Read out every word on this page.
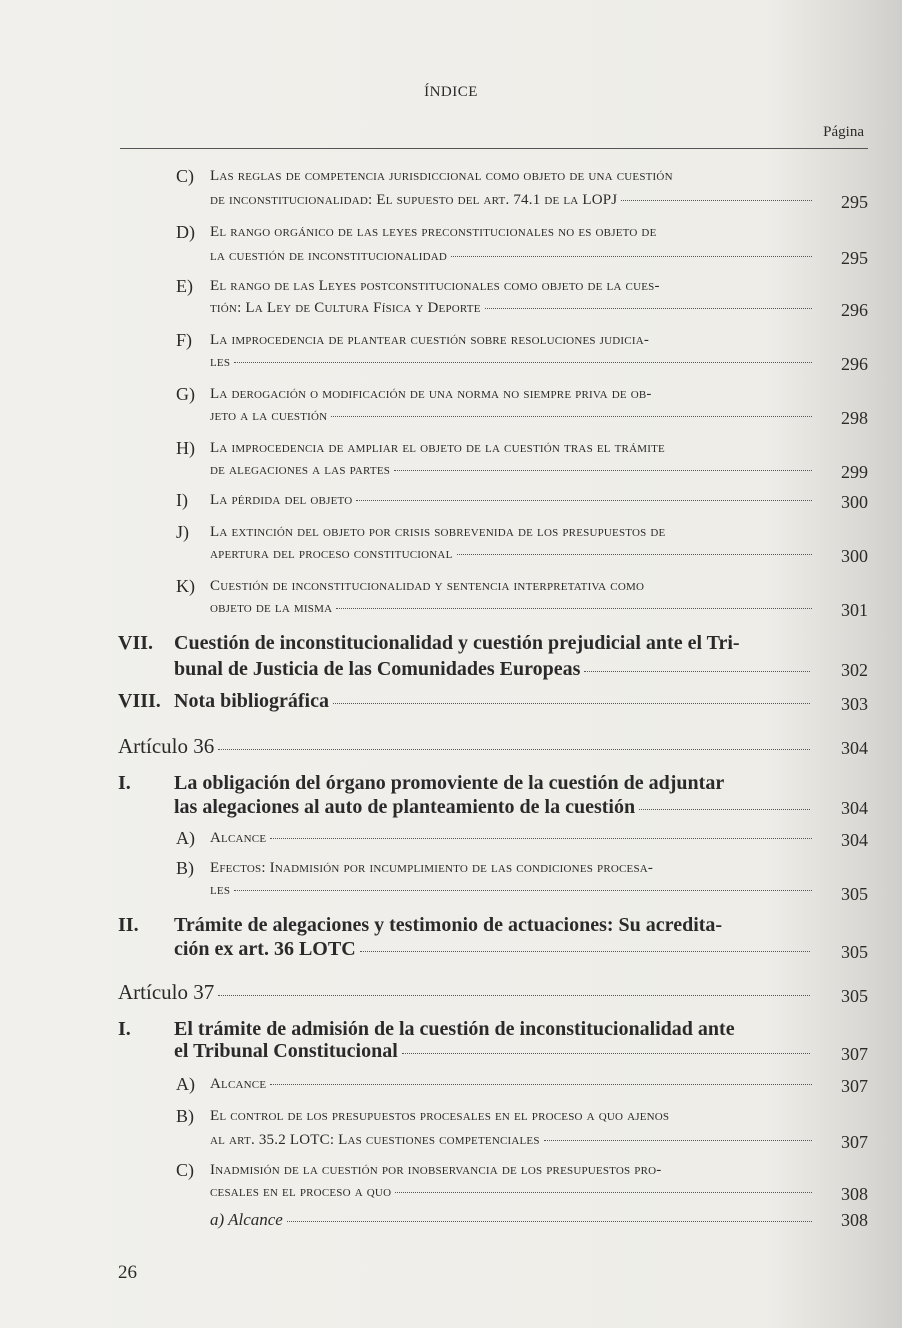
ÍNDICE
Página
C) Las reglas de competencia jurisdiccional como objeto de una cuestión
de inconstitucionalidad: El supuesto del art. 74.1 de la LOPJ	295
D) El rango orgánico de las leyes preconstitucionales no es objeto de
la cuestión de inconstitucionalidad	295
E) El rango de las Leyes postconstitucionales como objeto de la cues-
tión: La Ley de Cultura Física y Deporte	296
F) La improcedencia de plantear cuestión sobre resoluciones judicia-
les	296
G) La derogación o modificación de una norma no siempre priva de ob-
jeto a la cuestión	298
H) La improcedencia de ampliar el objeto de la cuestión tras el trámite
de alegaciones a las partes	299
I) La pérdida del objeto	300
J) La extinción del objeto por crisis sobrevenida de los presupuestos de
apertura del proceso constitucional	300
K) Cuestión de inconstitucionalidad y sentencia interpretativa como
objeto de la misma	301
VII. Cuestión de inconstitucionalidad y cuestión prejudicial ante el Tri-
bunal de Justicia de las Comunidades Europeas	302
VIII. Nota bibliográfica	303
Artículo 36	304
I. La obligación del órgano promoviente de la cuestión de adjuntar
las alegaciones al auto de planteamiento de la cuestión	304
A) Alcance	304
B) Efectos: Inadmisión por incumplimiento de las condiciones procesa-
les	305
II. Trámite de alegaciones y testimonio de actuaciones: Su acredita-
ción ex art. 36 LOTC	305
Artículo 37	305
I. El trámite de admisión de la cuestión de inconstitucionalidad ante
el Tribunal Constitucional	307
A) Alcance	307
B) El control de los presupuestos procesales en el proceso a quo ajenos
al art. 35.2 LOTC: Las cuestiones competenciales	307
C) Inadmisión de la cuestión por inobservancia de los presupuestos pro-
cesales en el proceso a quo	308
a) Alcance	308
26
